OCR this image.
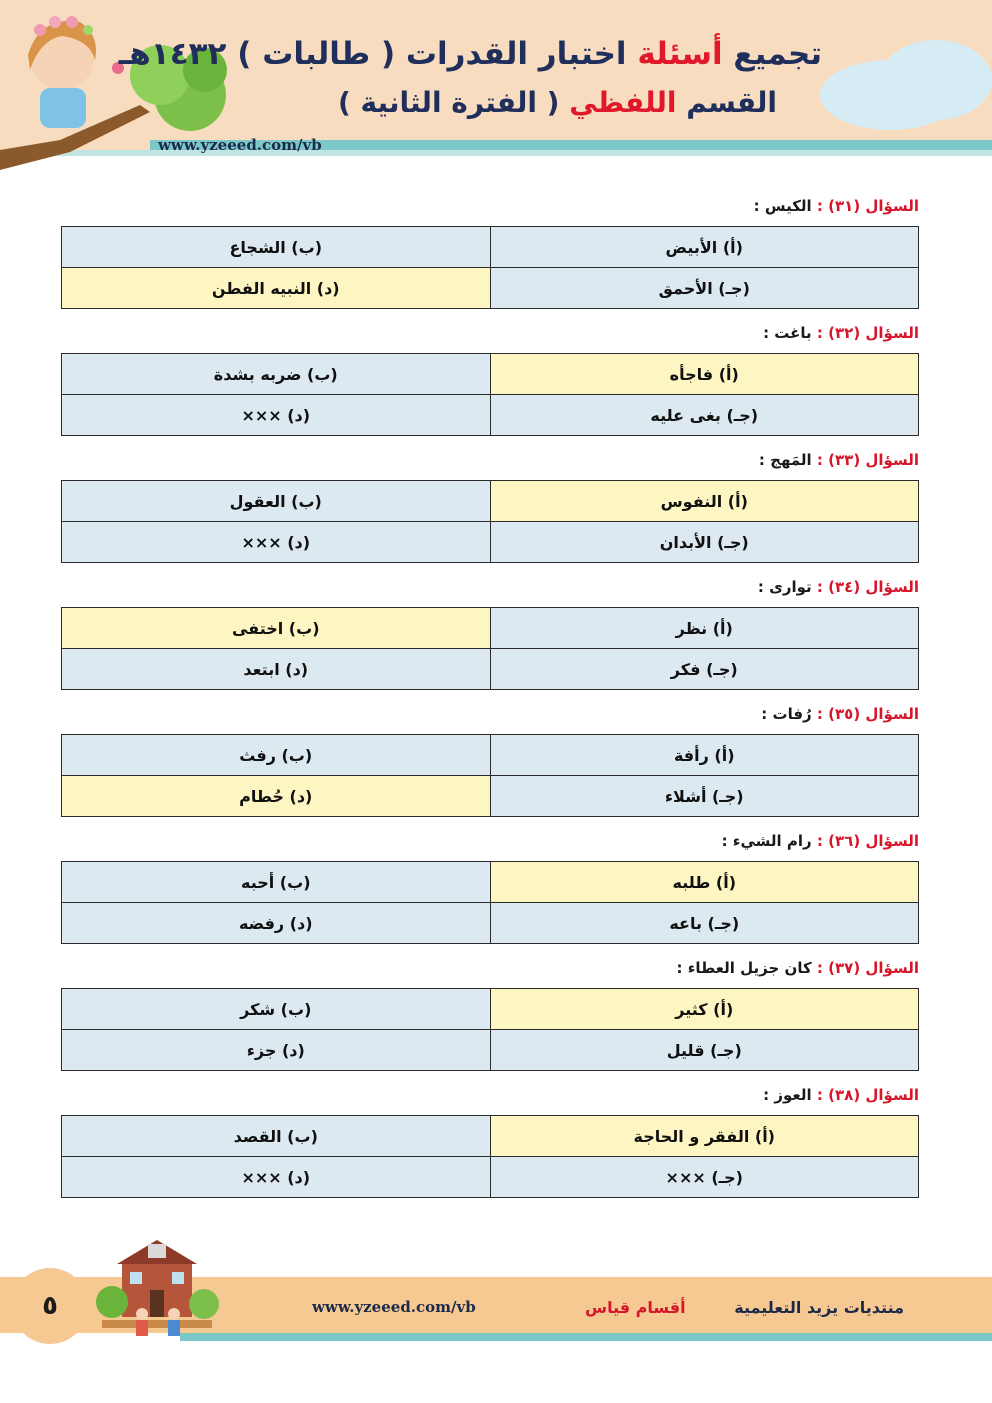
تجميع أسئلة اختبار القدرات ( طالبات ) ١٤٣٢هـ
القسم اللفظي ( الفترة الثانية )
www.yzeeed.com/vb
السؤال (٣١) : الكيس :
(أ) الأبيض	(ب) الشجاع
(جـ) الأحمق	(د) النبيه الفطن
السؤال (٣٢) : باغت :
(أ) فاجأه	(ب) ضربه بشدة
(جـ) بغى عليه	(د) ×××
السؤال (٣٣) : المَهج :
(أ) النفوس	(ب) العقول
(جـ) الأبدان	(د) ×××
السؤال (٣٤) : توارى :
(أ) نظر	(ب) اختفى
(جـ) فكر	(د) ابتعد
السؤال (٣٥) : رُفات :
(أ) رأفة	(ب) رفث
(جـ) أشلاء	(د) حُطام
السؤال (٣٦) : رام الشيء :
(أ) طلبه	(ب) أحبه
(جـ) باعه	(د) رفضه
السؤال (٣٧) : كان جزيل العطاء :
(أ) كثير	(ب) شكر
(جـ) قليل	(د) جزء
السؤال (٣٨) : العوز :
(أ) الفقر و الحاجة	(ب) القصد
(جـ) ×××	(د) ×××
٥	www.yzeeed.com/vb	أقسام قياس	منتديات يزيد التعليمية
